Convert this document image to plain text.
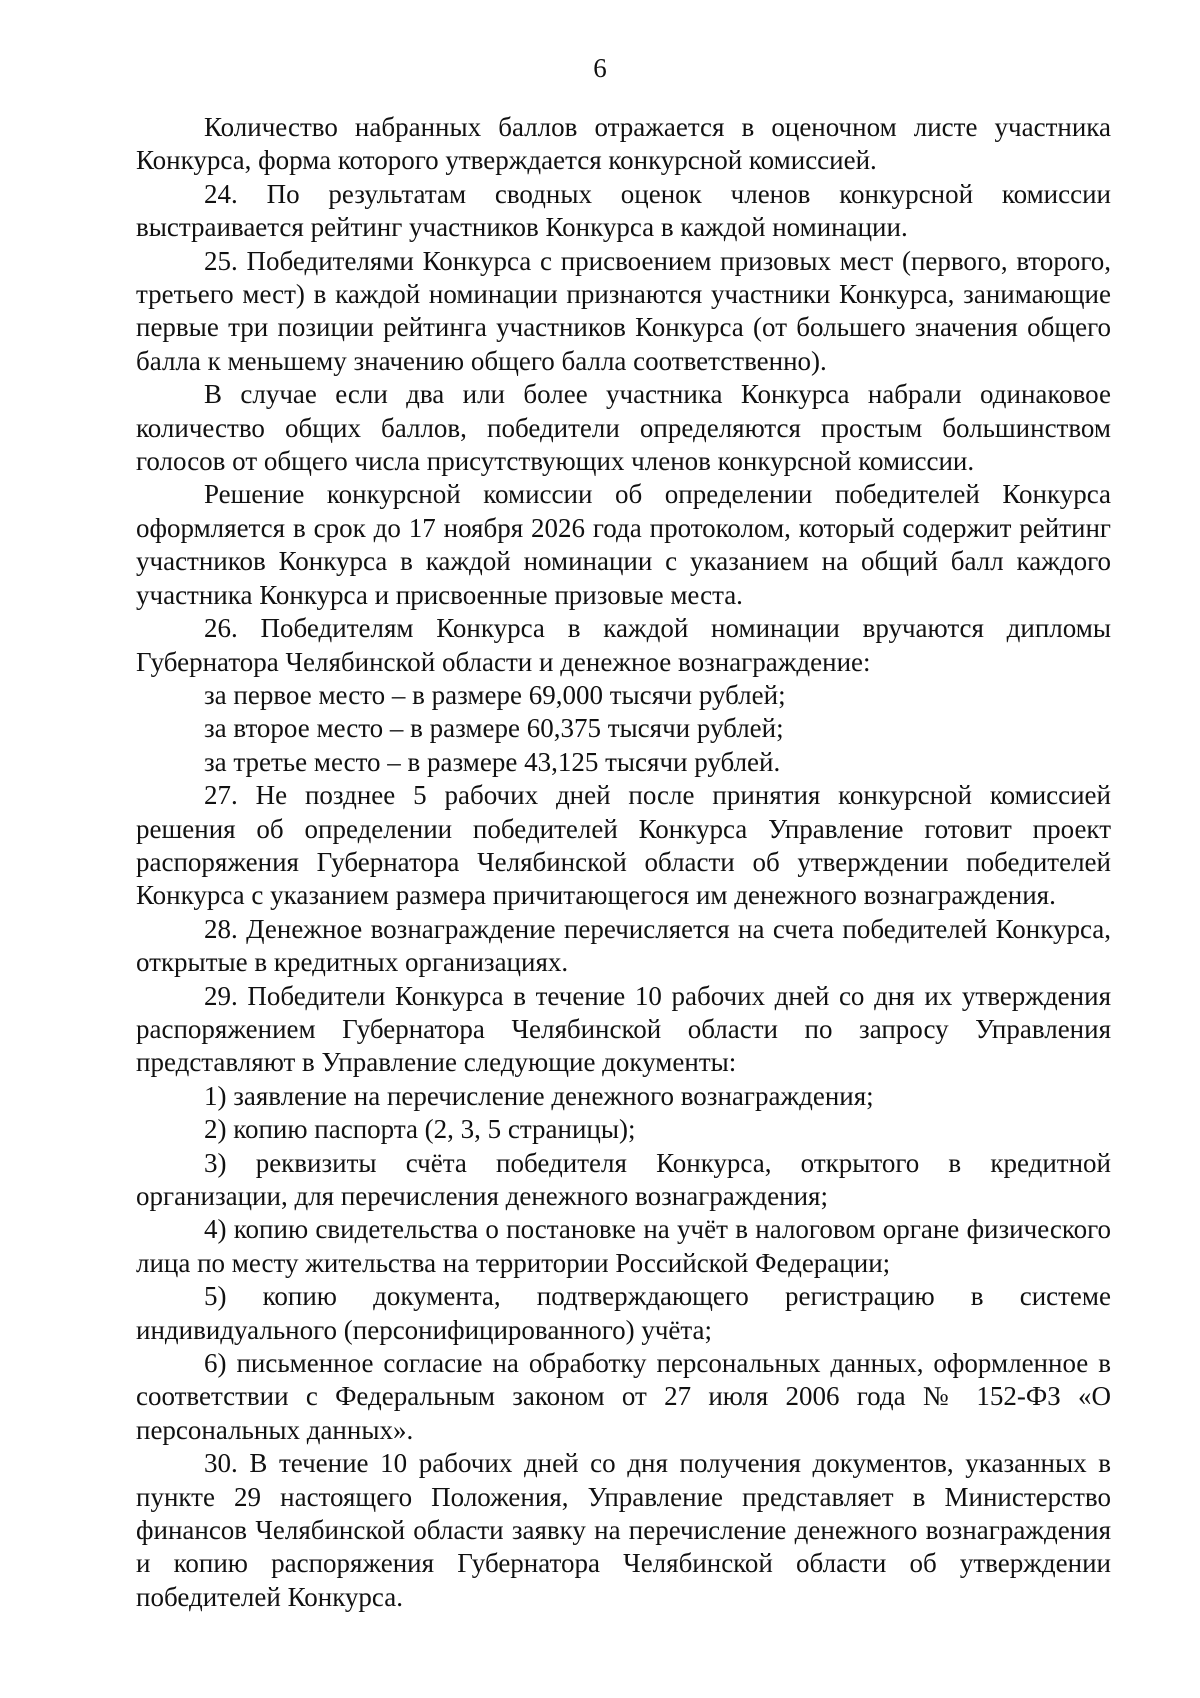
6

Количество набранных баллов отражается в оценочном листе участника Конкурса, форма которого утверждается конкурсной комиссией.

24. По результатам сводных оценок членов конкурсной комиссии выстраивается рейтинг участников Конкурса в каждой номинации.

25. Победителями Конкурса с присвоением призовых мест (первого, второго, третьего мест) в каждой номинации признаются участники Конкурса, занимающие первые три позиции рейтинга участников Конкурса (от большего значения общего балла к меньшему значению общего балла соответственно).

В случае если два или более участника Конкурса набрали одинаковое количество общих баллов, победители определяются простым большинством голосов от общего числа присутствующих членов конкурсной комиссии.

Решение конкурсной комиссии об определении победителей Конкурса оформляется в срок до 17 ноября 2026 года протоколом, который содержит рейтинг участников Конкурса в каждой номинации с указанием на общий балл каждого участника Конкурса и присвоенные призовые места.

26. Победителям Конкурса в каждой номинации вручаются дипломы Губернатора Челябинской области и денежное вознаграждение:

за первое место – в размере 69,000 тысячи рублей;

за второе место – в размере 60,375 тысячи рублей;

за третье место – в размере 43,125 тысячи рублей.

27. Не позднее 5 рабочих дней после принятия конкурсной комиссией решения об определении победителей Конкурса Управление готовит проект распоряжения Губернатора Челябинской области об утверждении победителей Конкурса с указанием размера причитающегося им денежного вознаграждения.

28. Денежное вознаграждение перечисляется на счета победителей Конкурса, открытые в кредитных организациях.

29. Победители Конкурса в течение 10 рабочих дней со дня их утверждения распоряжением Губернатора Челябинской области по запросу Управления представляют в Управление следующие документы:

1) заявление на перечисление денежного вознаграждения;

2) копию паспорта (2, 3, 5 страницы);

3) реквизиты счёта победителя Конкурса, открытого в кредитной организации, для перечисления денежного вознаграждения;

4) копию свидетельства о постановке на учёт в налоговом органе физического лица по месту жительства на территории Российской Федерации;

5) копию документа, подтверждающего регистрацию в системе индивидуального (персонифицированного) учёта;

6) письменное согласие на обработку персональных данных, оформленное в соответствии с Федеральным законом от 27 июля 2006 года № 152-ФЗ «О персональных данных».

30. В течение 10 рабочих дней со дня получения документов, указанных в пункте 29 настоящего Положения, Управление представляет в Министерство финансов Челябинской области заявку на перечисление денежного вознаграждения и копию распоряжения Губернатора Челябинской области об утверждении победителей Конкурса.
